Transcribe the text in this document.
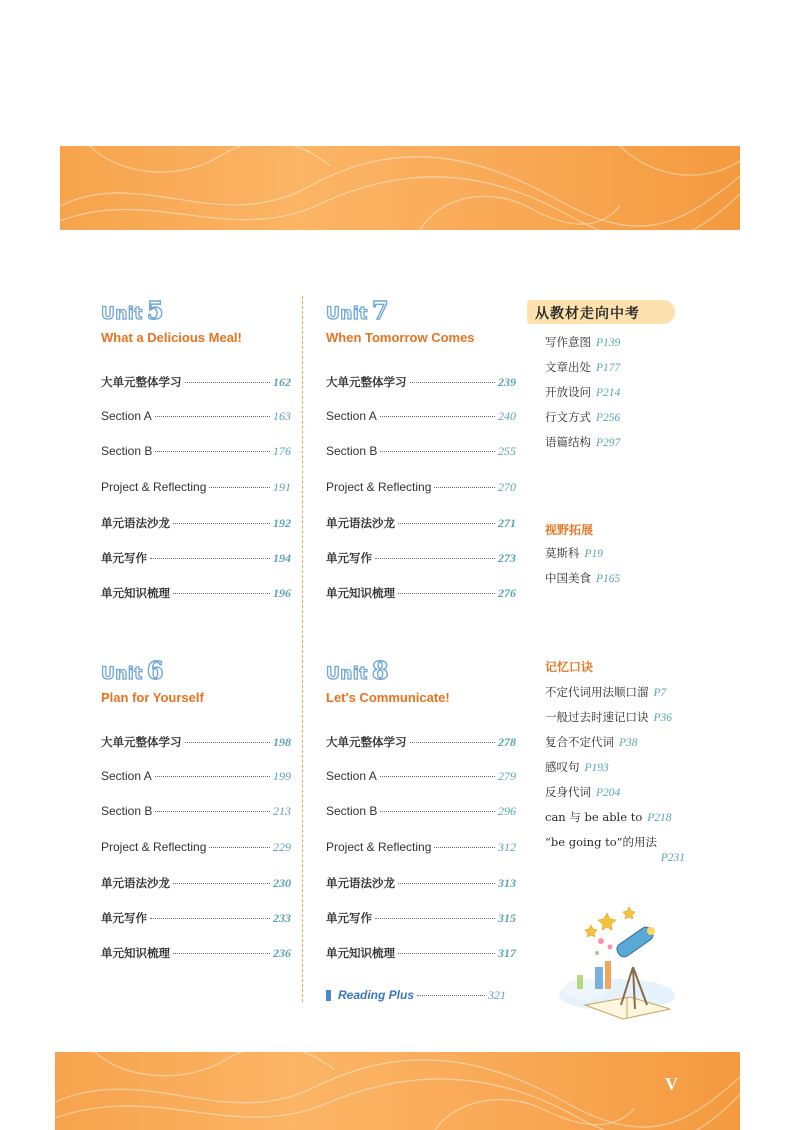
Unit 5
What a Delicious Meal!
大单元整体学习	162
Section A	163
Section B	176
Project & Reflecting	191
单元语法沙龙	192
单元写作	194
单元知识梳理	196
Unit 7
When Tomorrow Comes
大单元整体学习	239
Section A	240
Section B	255
Project & Reflecting	270
单元语法沙龙	271
单元写作	273
单元知识梳理	276
Unit 6
Plan for Yourself
大单元整体学习	198
Section A	199
Section B	213
Project & Reflecting	229
单元语法沙龙	230
单元写作	233
单元知识梳理	236
Unit 8
Let's Communicate!
大单元整体学习	278
Section A	279
Section B	296
Project & Reflecting	312
单元语法沙龙	313
单元写作	315
单元知识梳理	317
Reading Plus	321
从教材走向中考
写作意图 P139
文章出处 P177
开放设问 P214
行文方式 P256
语篇结构 P297
视野拓展
莫斯科 P19
中国美食 P165
记忆口诀
不定代词用法顺口溜 P7
一般过去时速记口诀 P36
复合不定代词 P38
感叹句 P193
反身代词 P204
can 与 be able to P218
“be going to”的用法
P231
V
